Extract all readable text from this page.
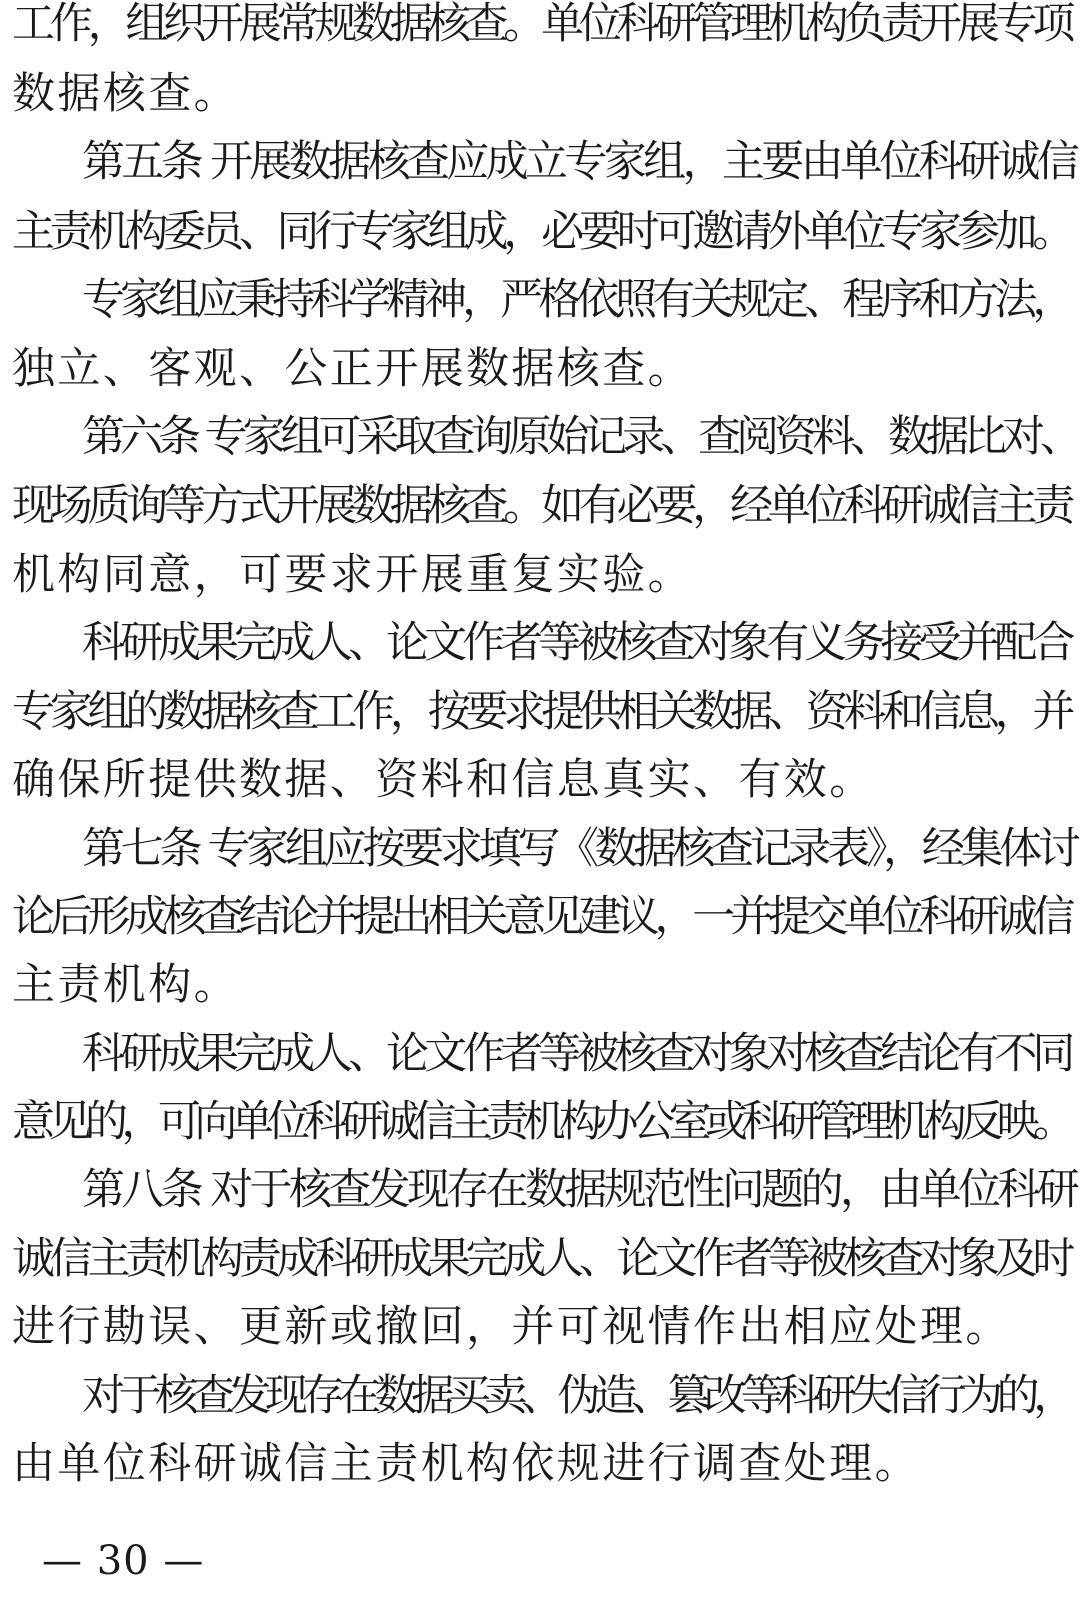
工作，组织开展常规数据核查。单位科研管理机构负责开展专项
数据核查。
第五条 开展数据核查应成立专家组，主要由单位科研诚信
主责机构委员、同行专家组成，必要时可邀请外单位专家参加。
专家组应秉持科学精神，严格依照有关规定、程序和方法，
独立、客观、公正开展数据核查。
第六条 专家组可采取查询原始记录、查阅资料、数据比对、
现场质询等方式开展数据核查。如有必要，经单位科研诚信主责
机构同意，可要求开展重复实验。
科研成果完成人、论文作者等被核查对象有义务接受并配合
专家组的数据核查工作，按要求提供相关数据、资料和信息，并
确保所提供数据、资料和信息真实、有效。
第七条 专家组应按要求填写《数据核查记录表》，经集体讨
论后形成核查结论并提出相关意见建议，一并提交单位科研诚信
主责机构。
科研成果完成人、论文作者等被核查对象对核查结论有不同
意见的，可向单位科研诚信主责机构办公室或科研管理机构反映。
第八条 对于核查发现存在数据规范性问题的，由单位科研
诚信主责机构责成科研成果完成人、论文作者等被核查对象及时
进行勘误、更新或撤回，并可视情作出相应处理。
对于核查发现存在数据买卖、伪造、篡改等科研失信行为的，
由单位科研诚信主责机构依规进行调查处理。
— 30 —
